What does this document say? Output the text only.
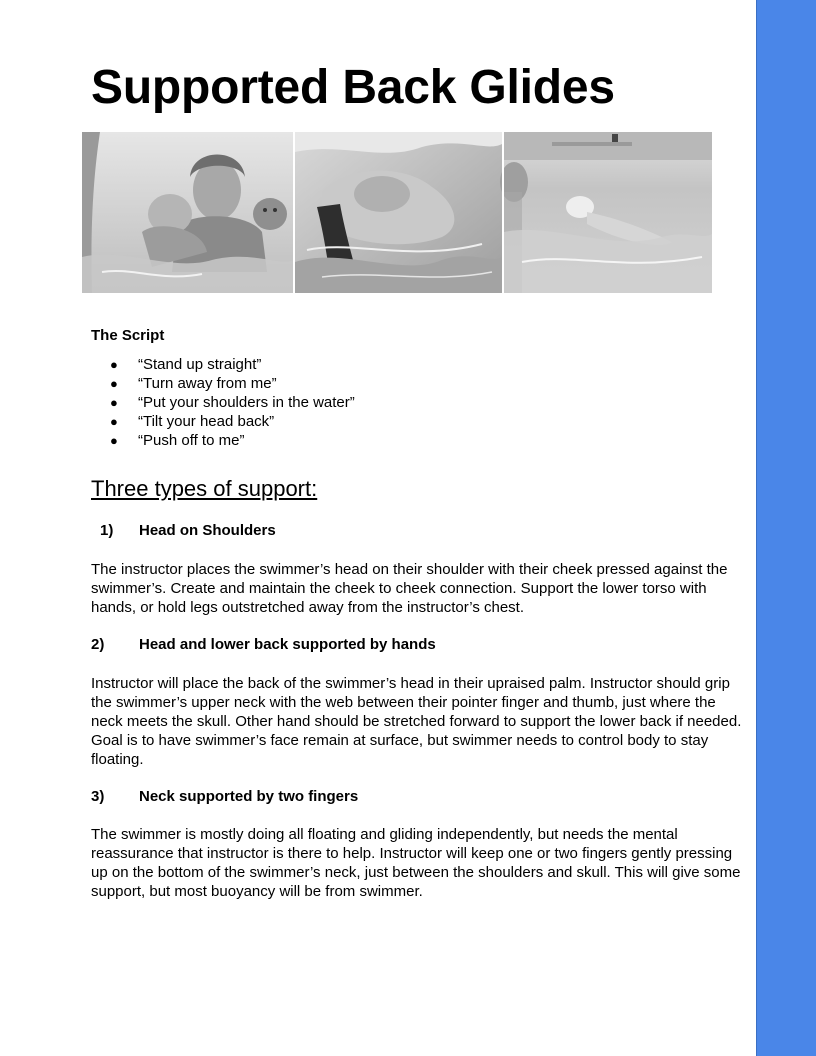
Supported Back Glides
The Script
● “Stand up straight”
● “Turn away from me”
● “Put your shoulders in the water”
● “Tilt your head back”
● “Push off to me”
Three types of support:
1) Head on Shoulders

The instructor places the swimmer’s head on their shoulder with their cheek pressed against the swimmer’s. Create and maintain the cheek to cheek connection. Support the lower torso with hands, or hold legs outstretched away from the instructor’s chest.

2) Head and lower back supported by hands

Instructor will place the back of the swimmer’s head in their upraised palm. Instructor should grip the swimmer’s upper neck with the web between their pointer finger and thumb, just where the neck meets the skull. Other hand should be stretched forward to support the lower back if needed. Goal is to have swimmer’s face remain at surface, but swimmer needs to control body to stay floating.

3) Neck supported by two fingers

The swimmer is mostly doing all floating and gliding independently, but needs the mental reassurance that instructor is there to help. Instructor will keep one or two fingers gently pressing up on the bottom of the swimmer’s neck, just between the shoulders and skull. This will give some support, but most buoyancy will be from swimmer.
